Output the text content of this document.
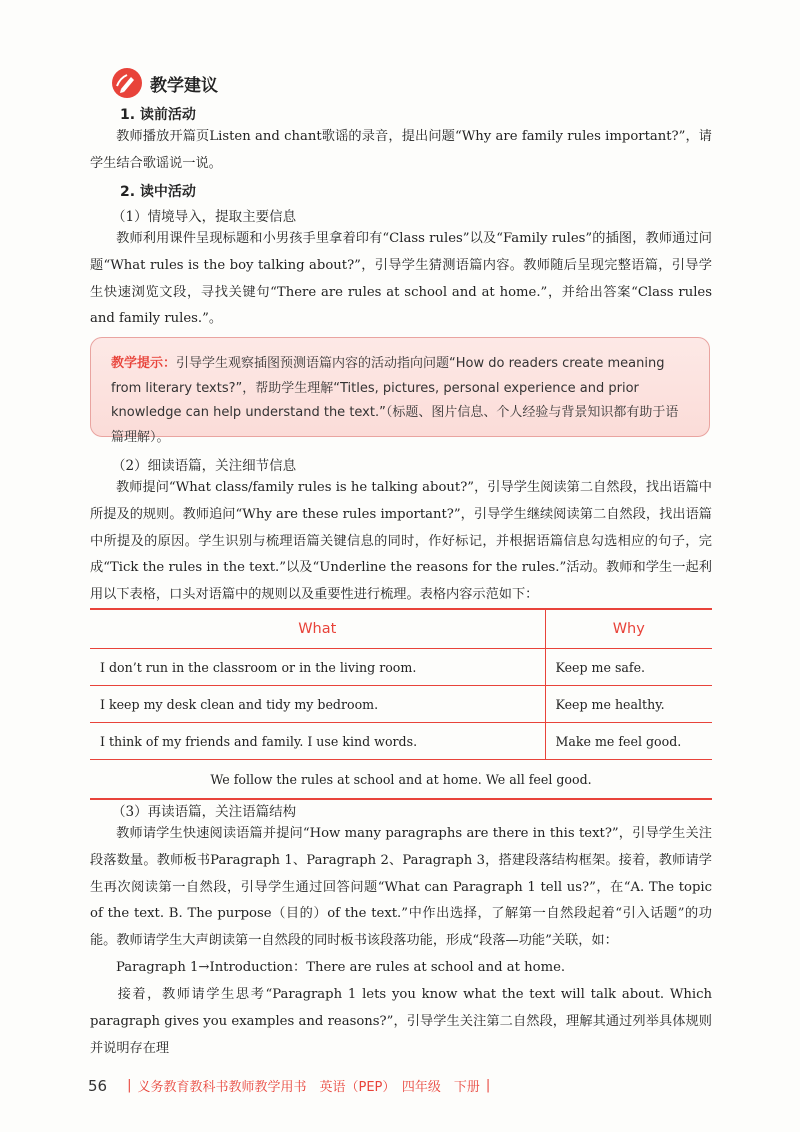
教学建议
1. 读前活动
教师播放开篇页Listen and chant歌谣的录音，提出问题“Why are family rules important?”，请学生结合歌谣说一说。
2. 读中活动
（1）情境导入，提取主要信息
教师利用课件呈现标题和小男孩手里拿着印有“Class rules”以及“Family rules”的插图，教师通过问题“What rules is the boy talking about?”，引导学生猜测语篇内容。教师随后呈现完整语篇，引导学生快速浏览文段，寻找关键句“There are rules at school and at home.”，并给出答案“Class rules and family rules.”。
教学提示：引导学生观察插图预测语篇内容的活动指向问题“How do readers create meaning from literary texts?”，帮助学生理解“Titles, pictures, personal experience and prior knowledge can help understand the text.”（标题、图片信息、个人经验与背景知识都有助于语篇理解）。
（2）细读语篇，关注细节信息
教师提问“What class/family rules is he talking about?”，引导学生阅读第二自然段，找出语篇中所提及的规则。教师追问“Why are these rules important?”，引导学生继续阅读第二自然段，找出语篇中所提及的原因。学生识别与梳理语篇关键信息的同时，作好标记，并根据语篇信息勾选相应的句子，完成“Tick the rules in the text.”以及“Underline the reasons for the rules.”活动。教师和学生一起利用以下表格，口头对语篇中的规则以及重要性进行梳理。表格内容示范如下：
What	Why
I don’t run in the classroom or in the living room.	Keep me safe.
I keep my desk clean and tidy my bedroom.	Keep me healthy.
I think of my friends and family. I use kind words.	Make me feel good.
We follow the rules at school and at home. We all feel good.	
（3）再读语篇，关注语篇结构
教师请学生快速阅读语篇并提问“How many paragraphs are there in this text?”，引导学生关注段落数量。教师板书Paragraph 1、Paragraph 2、Paragraph 3，搭建段落结构框架。接着，教师请学生再次阅读第一自然段，引导学生通过回答问题“What can Paragraph 1 tell us?”，在“A. The topic of the text. B. The purpose（目的）of the text.”中作出选择，了解第一自然段起着“引入话题”的功能。教师请学生大声朗读第一自然段的同时板书该段落功能，形成“段落—功能”关联，如：
Paragraph 1→Introduction：There are rules at school and at home.
接着，教师请学生思考“Paragraph 1 lets you know what the text will talk about. Which paragraph gives you examples and reasons?”，引导学生关注第二自然段，理解其通过列举具体规则并说明存在理
56 | 义务教育教科书教师教学用书　英语（PEP）　四年级　下册 |
